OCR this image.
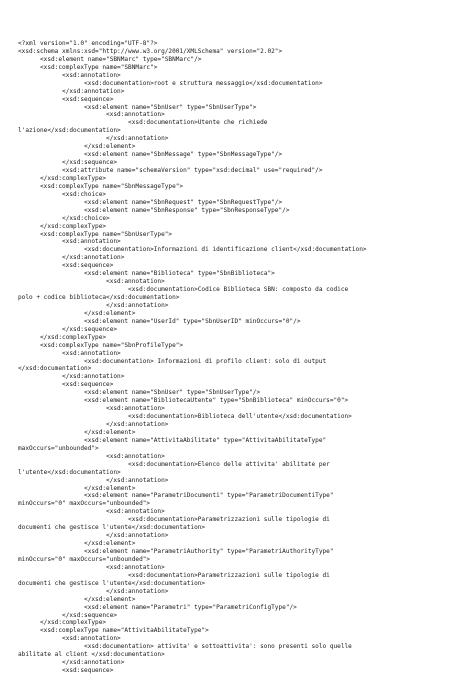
<?xml version="1.0" encoding="UTF-8"?>
<xsd:schema xmlns:xsd="http://www.w3.org/2001/XMLSchema" version="2.02">
<xsd:element name="SBNMarc" type="SBNMarc"/>
<xsd:complexType name="SBNMarc">
<xsd:annotation>
<xsd:documentation>root e struttura messaggio</xsd:documentation>
</xsd:annotation>
<xsd:sequence>
<xsd:element name="SbnUser" type="SbnUserType">
<xsd:annotation>
<xsd:documentation>Utente che richiede
l'azione</xsd:documentation>
</xsd:annotation>
</xsd:element>
<xsd:element name="SbnMessage" type="SbnMessageType"/>
</xsd:sequence>
<xsd:attribute name="schemaVersion" type="xsd:decimal" use="required"/>
</xsd:complexType>
<xsd:complexType name="SbnMessageType">
<xsd:choice>
<xsd:element name="SbnRequest" type="SbnRequestType"/>
<xsd:element name="SbnResponse" type="SbnResponseType"/>
</xsd:choice>
</xsd:complexType>
<xsd:complexType name="SbnUserType">
<xsd:annotation>
<xsd:documentation>Informazioni di identificazione client</xsd:documentation>
</xsd:annotation>
<xsd:sequence>
<xsd:element name="Biblioteca" type="SbnBiblioteca">
<xsd:annotation>
<xsd:documentation>Codice Biblioteca SBN: composto da codice
polo + codice biblioteca</xsd:documentation>
</xsd:annotation>
</xsd:element>
<xsd:element name="UserId" type="SbnUserID" minOccurs="0"/>
</xsd:sequence>
</xsd:complexType>
<xsd:complexType name="SbnProfileType">
<xsd:annotation>
<xsd:documentation> Informazioni di profilo client: solo di output
</xsd:documentation>
</xsd:annotation>
<xsd:sequence>
<xsd:element name="SbnUser" type="SbnUserType"/>
<xsd:element name="BibliotecaUtente" type="SbnBiblioteca" minOccurs="0">
<xsd:annotation>
<xsd:documentation>Biblioteca dell'utente</xsd:documentation>
</xsd:annotation>
</xsd:element>
<xsd:element name="AttivitaAbilitate" type="AttivitaAbilitateType"
maxOccurs="unbounded">
<xsd:annotation>
<xsd:documentation>Elenco delle attivita' abilitate per
l'utente</xsd:documentation>
</xsd:annotation>
</xsd:element>
<xsd:element name="ParametriDocumenti" type="ParametriDocumentiType"
minOccurs="0" maxOccurs="unbounded">
<xsd:annotation>
<xsd:documentation>Parametrizzazioni sulle tipologie di
documenti che gestisce l'utente</xsd:documentation>
</xsd:annotation>
</xsd:element>
<xsd:element name="ParametriAuthority" type="ParametriAuthorityType"
minOccurs="0" maxOccurs="unbounded">
<xsd:annotation>
<xsd:documentation>Parametrizzazioni sulle tipologie di
documenti che gestisce l'utente</xsd:documentation>
</xsd:annotation>
</xsd:element>
<xsd:element name="Parametri" type="ParametriConfigType"/>
</xsd:sequence>
</xsd:complexType>
<xsd:complexType name="AttivitaAbilitateType">
<xsd:annotation>
<xsd:documentation> attivita' e sottoattivita': sono presenti solo quelle
abilitate al client </xsd:documentation>
</xsd:annotation>
<xsd:sequence>
